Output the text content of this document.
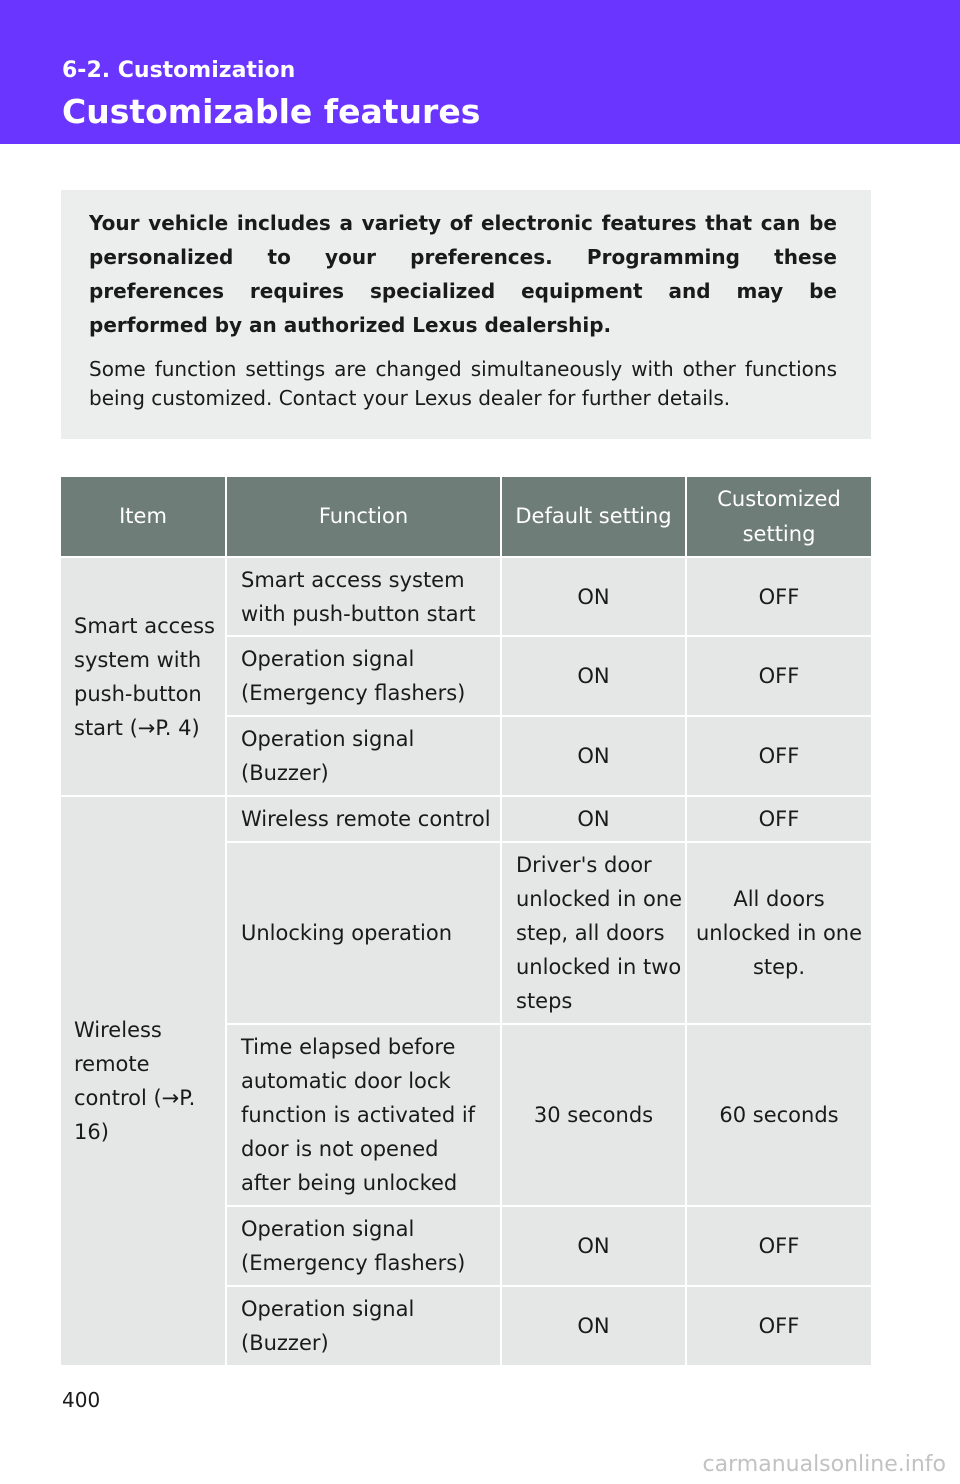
6-2. Customization
Customizable features

Your vehicle includes a variety of electronic features that can be personalized to your preferences. Programming these preferences requires specialized equipment and may be performed by an authorized Lexus dealership.

Some function settings are changed simultaneously with other functions being customized. Contact your Lexus dealer for further details.

Item	Function	Default setting	Customized setting
Smart access system with push-button start (→P. 4)	Smart access system with push-button start	ON	OFF
	Operation signal (Emergency flashers)	ON	OFF
	Operation signal (Buzzer)	ON	OFF
Wireless remote control (→P. 16)	Wireless remote control	ON	OFF
	Unlocking operation	Driver's door unlocked in one step, all doors unlocked in two steps	All doors unlocked in one step.
	Time elapsed before automatic door lock function is activated if door is not opened after being unlocked	30 seconds	60 seconds
	Operation signal (Emergency flashers)	ON	OFF
	Operation signal (Buzzer)	ON	OFF
400
carmanualsonline.info
